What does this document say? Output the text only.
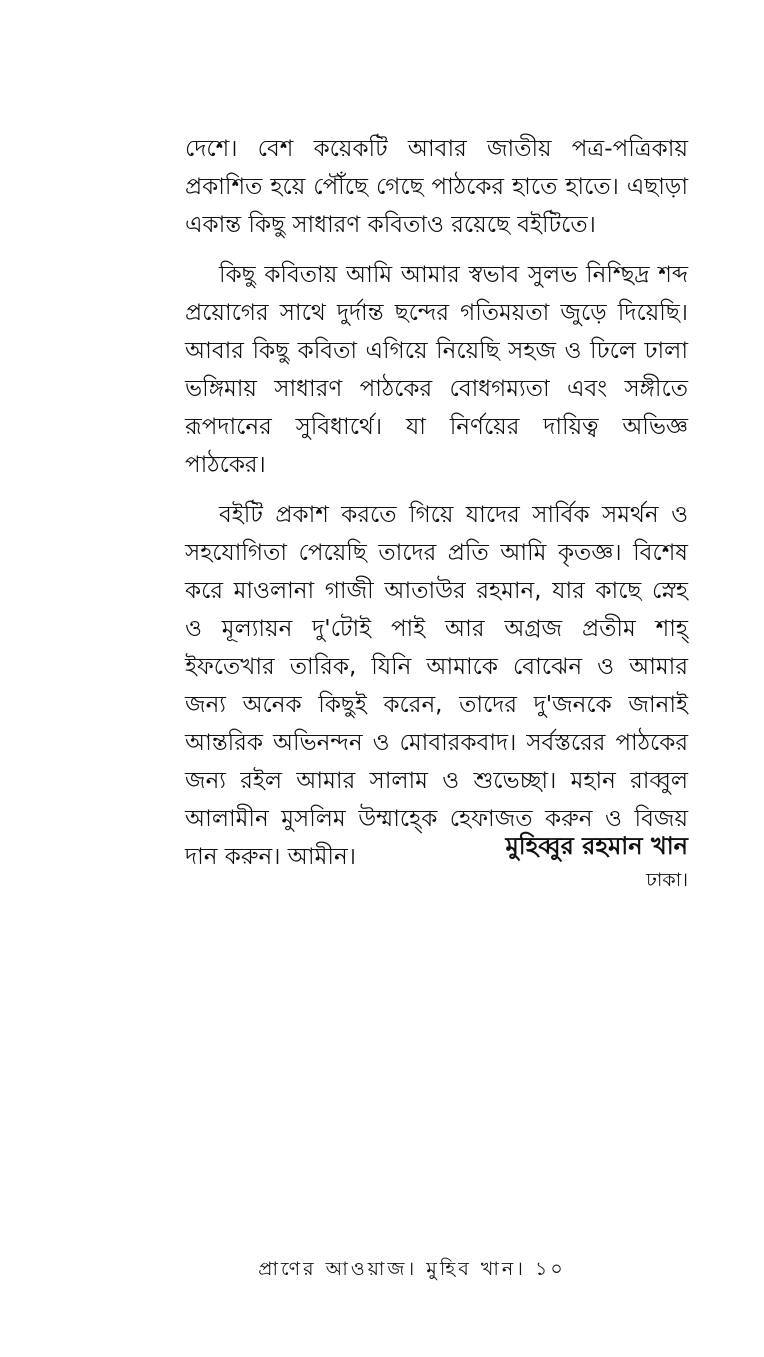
দেশে। বেশ কয়েকটি আবার জাতীয় পত্র-পত্রিকায় প্রকাশিত হয়ে পৌঁছে গেছে পাঠকের হাতে হাতে। এছাড়া একান্ত কিছু সাধারণ কবিতাও রয়েছে বইটিতে।

কিছু কবিতায় আমি আমার স্বভাব সুলভ নিশ্ছিদ্র শব্দ প্রয়োগের সাথে দুর্দান্ত ছন্দের গতিময়তা জুড়ে দিয়েছি। আবার কিছু কবিতা এগিয়ে নিয়েছি সহজ ও ঢিলে ঢালা ভঙ্গিমায় সাধারণ পাঠকের বোধগম্যতা এবং সঙ্গীতে রূপদানের সুবিধার্থে। যা নির্ণয়ের দায়িত্ব অভিজ্ঞ পাঠকের।

বইটি প্রকাশ করতে গিয়ে যাদের সার্বিক সমর্থন ও সহযোগিতা পেয়েছি তাদের প্রতি আমি কৃতজ্ঞ। বিশেষ করে মাওলানা গাজী আতাউর রহমান, যার কাছে স্নেহ ও মূল্যায়ন দু'টোই পাই আর অগ্রজ প্রতীম শাহ্ ইফতেখার তারিক, যিনি আমাকে বোঝেন ও আমার জন্য অনেক কিছুই করেন, তাদের দু'জনকে জানাই আন্তরিক অভিনন্দন ও মোবারকবাদ। সর্বস্তরের পাঠকের জন্য রইল আমার সালাম ও শুভেচ্ছা। মহান রাব্বুল আলামীন মুসলিম উম্মাহ্কে হেফাজত করুন ও বিজয় দান করুন। আমীন।	মুহিব্বুর রহমান খান
ঢাকা।
প্রাণের আওয়াজ। মুহিব খান। ১০
